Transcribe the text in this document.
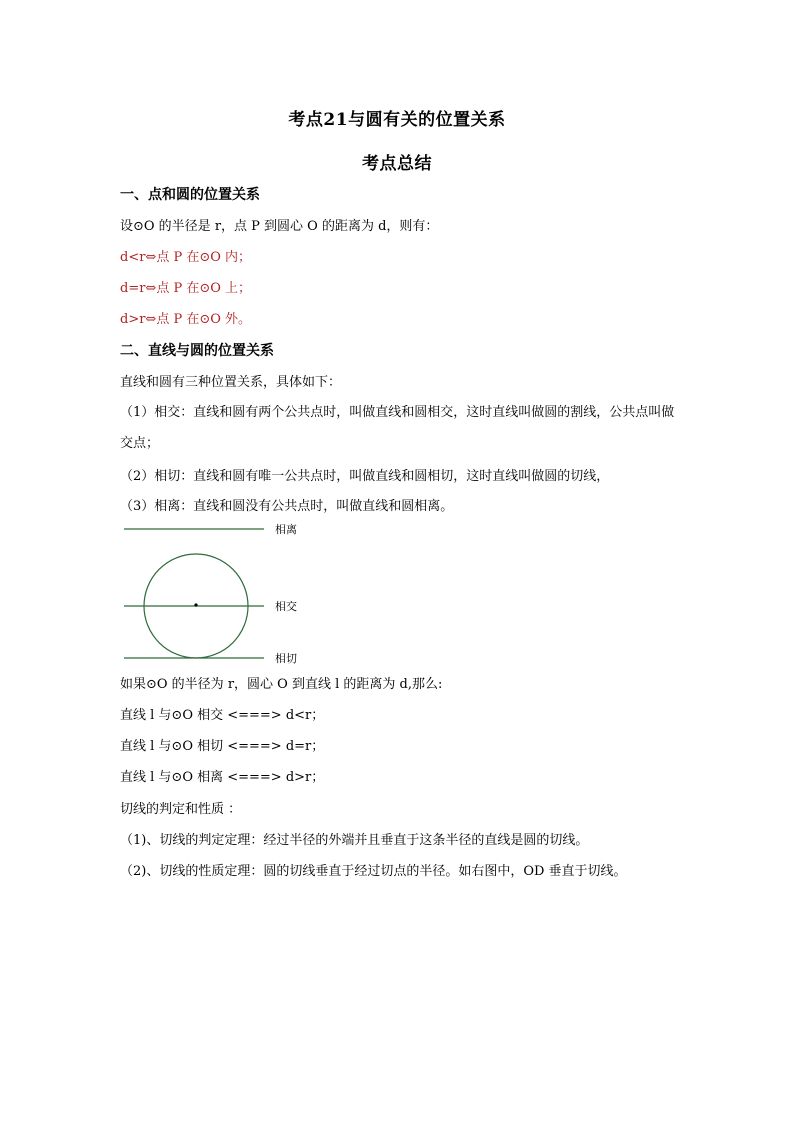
考点21与圆有关的位置关系
考点总结
一、点和圆的位置关系
设⊙O 的半径是 r，点 P 到圆心 O 的距离为 d，则有：
d<r⇔点 P 在⊙O 内；
d=r⇔点 P 在⊙O 上；
d>r⇔点 P 在⊙O 外。
二、直线与圆的位置关系
直线和圆有三种位置关系，具体如下：
（1）相交：直线和圆有两个公共点时，叫做直线和圆相交，这时直线叫做圆的割线，公共点叫做交点；
（2）相切：直线和圆有唯一公共点时，叫做直线和圆相切，这时直线叫做圆的切线，
（3）相离：直线和圆没有公共点时，叫做直线和圆相离。
相离
相交
相切
如果⊙O 的半径为 r，圆心 O 到直线 l 的距离为 d,那么:
直线 l 与⊙O 相交 <===> d<r；
直线 l 与⊙O 相切 <===> d=r；
直线 l 与⊙O 相离 <===> d>r；
切线的判定和性质 ：
（1)、切线的判定定理：经过半径的外端并且垂直于这条半径的直线是圆的切线。
（2)、切线的性质定理：圆的切线垂直于经过切点的半径。如右图中，OD 垂直于切线。
